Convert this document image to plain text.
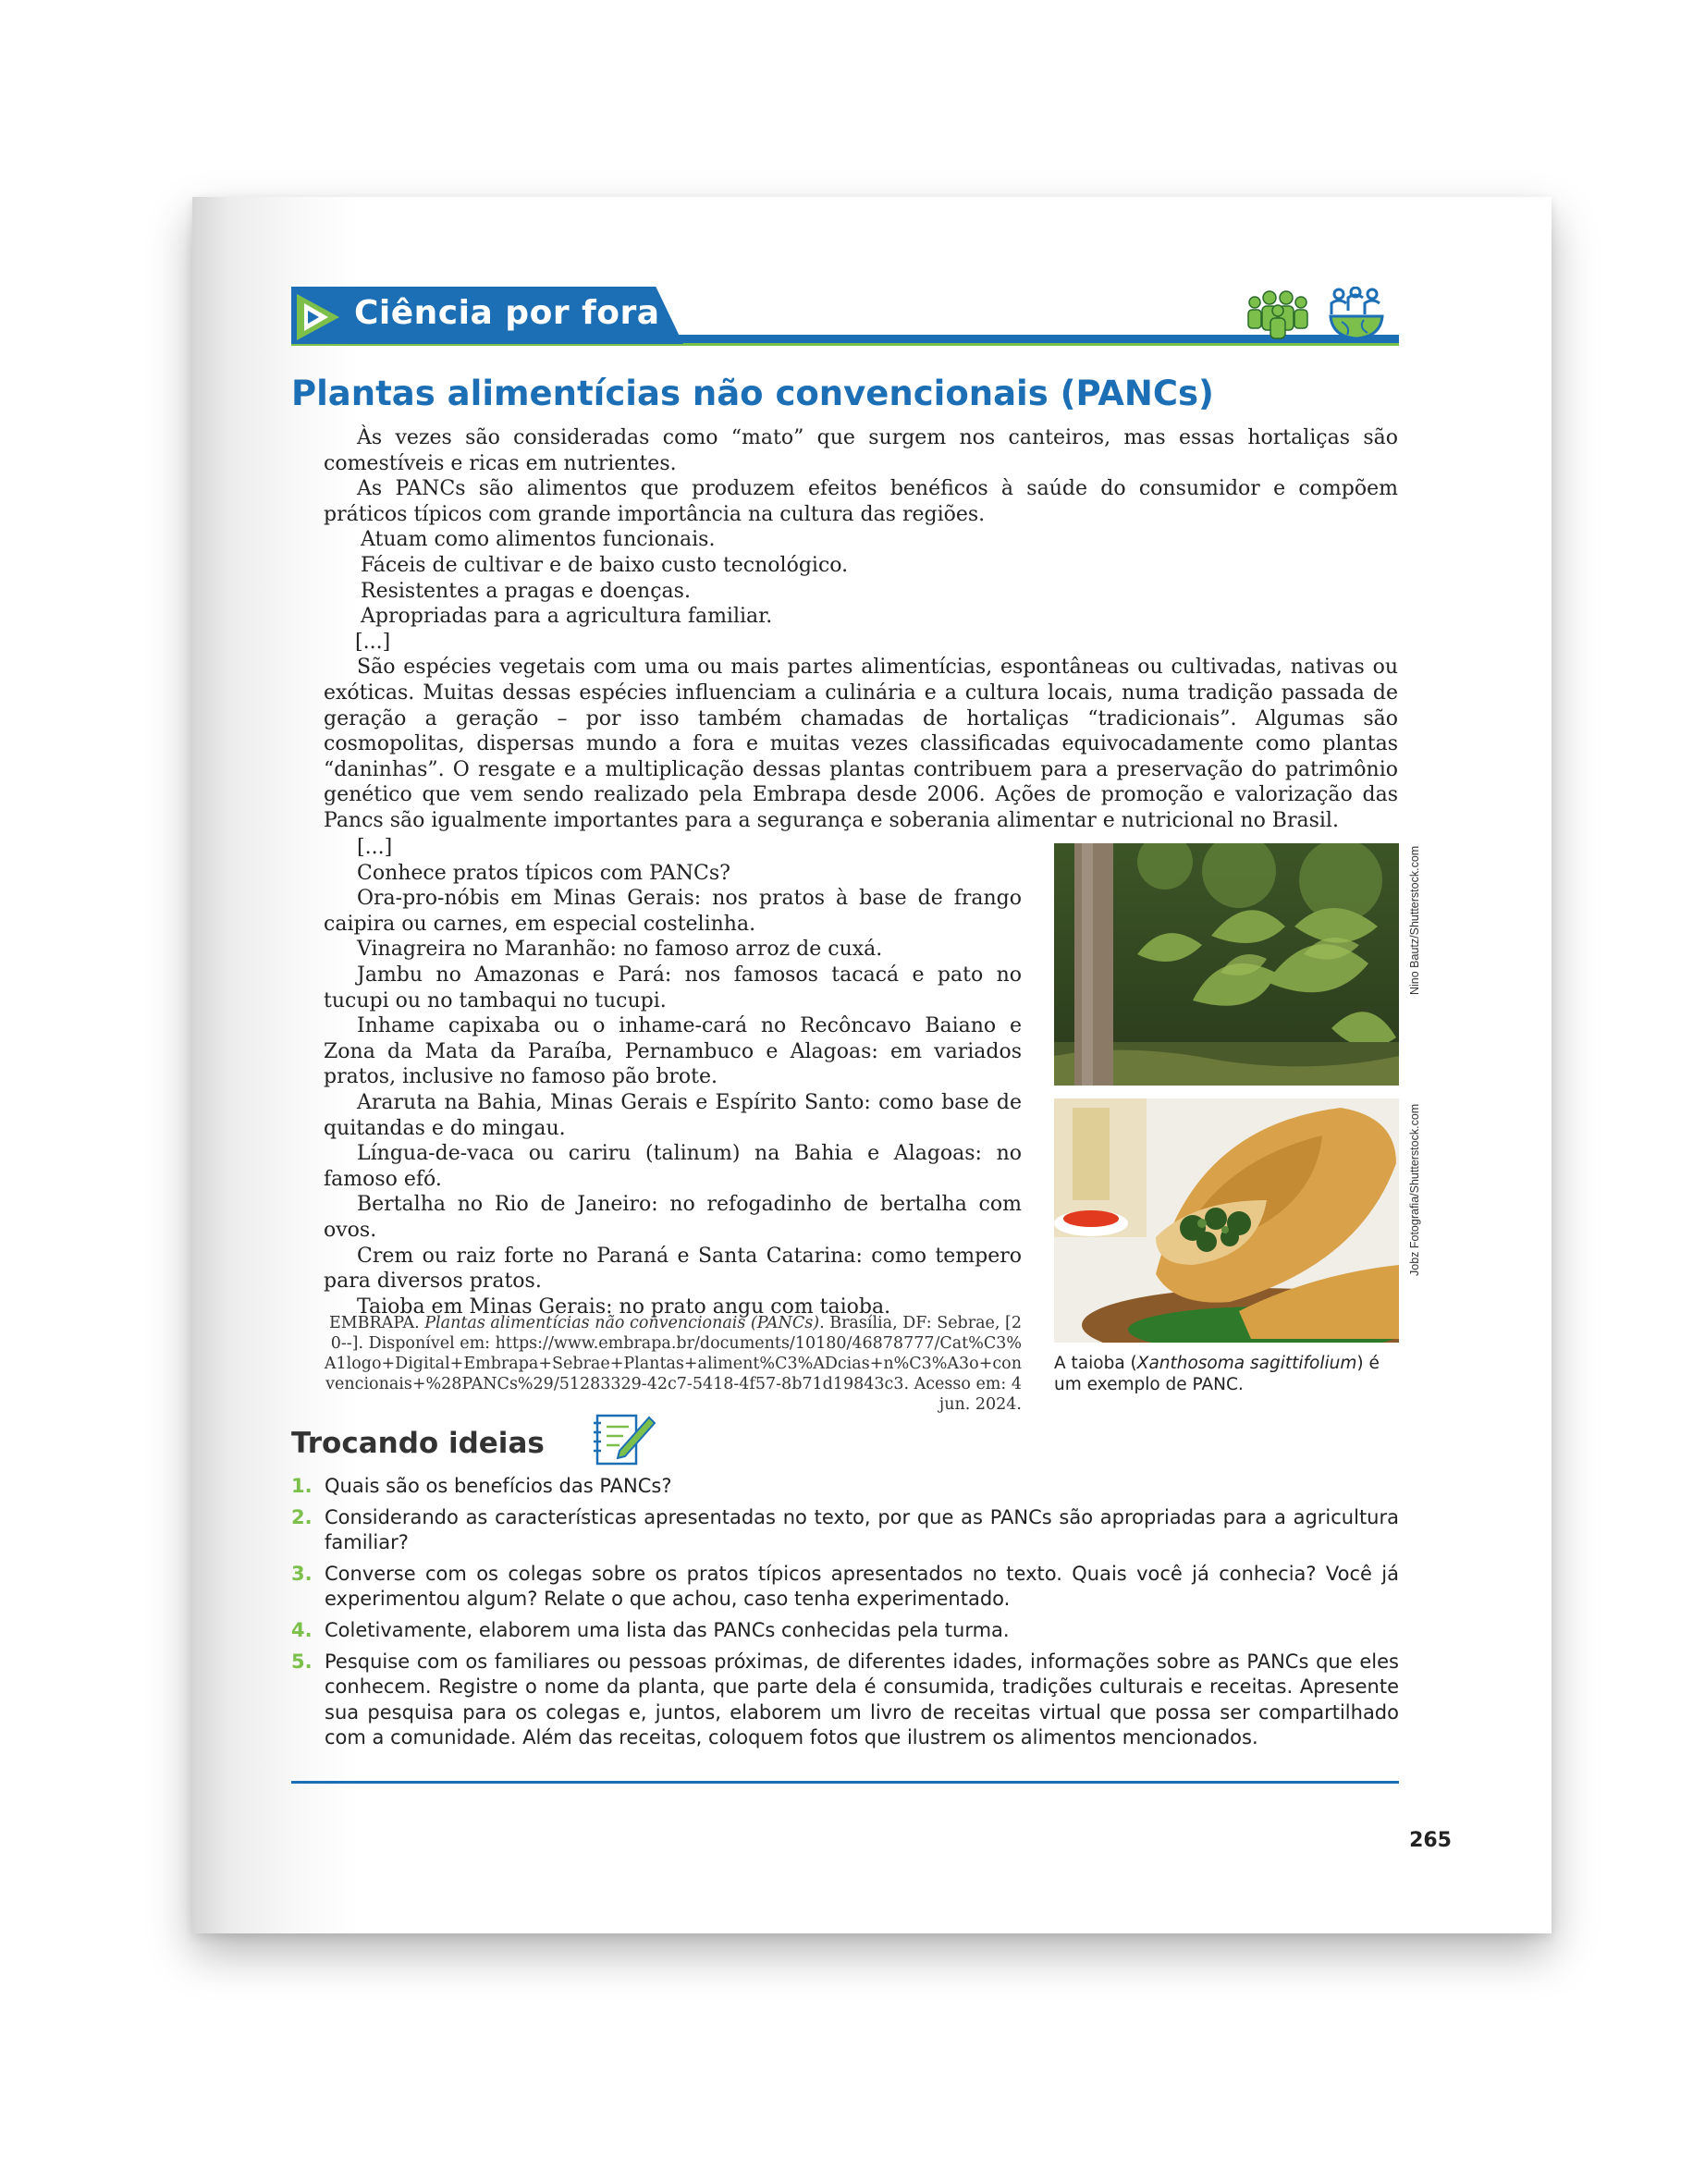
Ciência por fora
Plantas alimentícias não convencionais (PANCs)

Às vezes são consideradas como “mato” que surgem nos canteiros, mas essas hortaliças são comestíveis e ricas em nutrientes.

As PANCs são alimentos que produzem efeitos benéficos à saúde do consumidor e compõem práticos típicos com grande importância na cultura das regiões.

Atuam como alimentos funcionais.

Fáceis de cultivar e de baixo custo tecnológico.

Resistentes a pragas e doenças.

Apropriadas para a agricultura familiar.

[...]

São espécies vegetais com uma ou mais partes alimentícias, espontâneas ou cultivadas, nativas ou exóticas. Muitas dessas espécies influenciam a culinária e a cultura locais, numa tradição passada de geração a geração – por isso também chamadas de hortaliças “tradicionais”. Algumas são cosmopolitas, dispersas mundo a fora e muitas vezes classificadas equivocadamente como plantas “daninhas”. O resgate e a multiplicação dessas plantas contribuem para a preservação do patrimônio genético que vem sendo realizado pela Embrapa desde 2006. Ações de promoção e valorização das Pancs são igualmente importantes para a segurança e soberania alimentar e nutricional no Brasil.

[...]

Conhece pratos típicos com PANCs?

Ora-pro-nóbis em Minas Gerais: nos pratos à base de frango caipira ou carnes, em especial costelinha.

Vinagreira no Maranhão: no famoso arroz de cuxá.

Jambu no Amazonas e Pará: nos famosos tacacá e pato no tucupi ou no tambaqui no tucupi.

Inhame capixaba ou o inhame-cará no Recôncavo Baiano e Zona da Mata da Paraíba, Pernambuco e Alagoas: em variados pratos, inclusive no famoso pão brote.

Araruta na Bahia, Minas Gerais e Espírito Santo: como base de quitandas e do mingau.

Língua-de-vaca ou cariru (talinum) na Bahia e Alagoas: no famoso efó.

Bertalha no Rio de Janeiro: no refogadinho de bertalha com ovos.

Crem ou raiz forte no Paraná e Santa Catarina: como tempero para diversos pratos.

Taioba em Minas Gerais: no prato angu com taioba.

EMBRAPA. Plantas alimentícias não convencionais (PANCs). Brasília, DF: Sebrae, [20--]. Disponível em: https://www.embrapa.br/documents/10180/46878777/Cat%C3%A1logo+Digital+Embrapa+Sebrae+Plantas+aliment%C3%ADcias+n%C3%A3o+convencionais+%28PANCs%29/51283329-42c7-5418-4f57-8b71d19843c3. Acesso em: 4 jun. 2024.
Nino Bautz/Shutterstock.com
Jobz Fotografia/Shutterstock.com
A taioba (Xanthosoma sagittifolium) é um exemplo de PANC.
Trocando ideias
1. Quais são os benefícios das PANCs?
2. Considerando as características apresentadas no texto, por que as PANCs são apropriadas para a agricultura familiar?
3. Converse com os colegas sobre os pratos típicos apresentados no texto. Quais você já conhecia? Você já experimentou algum? Relate o que achou, caso tenha experimentado.
4. Coletivamente, elaborem uma lista das PANCs conhecidas pela turma.
5. Pesquise com os familiares ou pessoas próximas, de diferentes idades, informações sobre as PANCs que eles conhecem. Registre o nome da planta, que parte dela é consumida, tradições culturais e receitas. Apresente sua pesquisa para os colegas e, juntos, elaborem um livro de receitas virtual que possa ser compartilhado com a comunidade. Além das receitas, coloquem fotos que ilustrem os alimentos mencionados.
265
